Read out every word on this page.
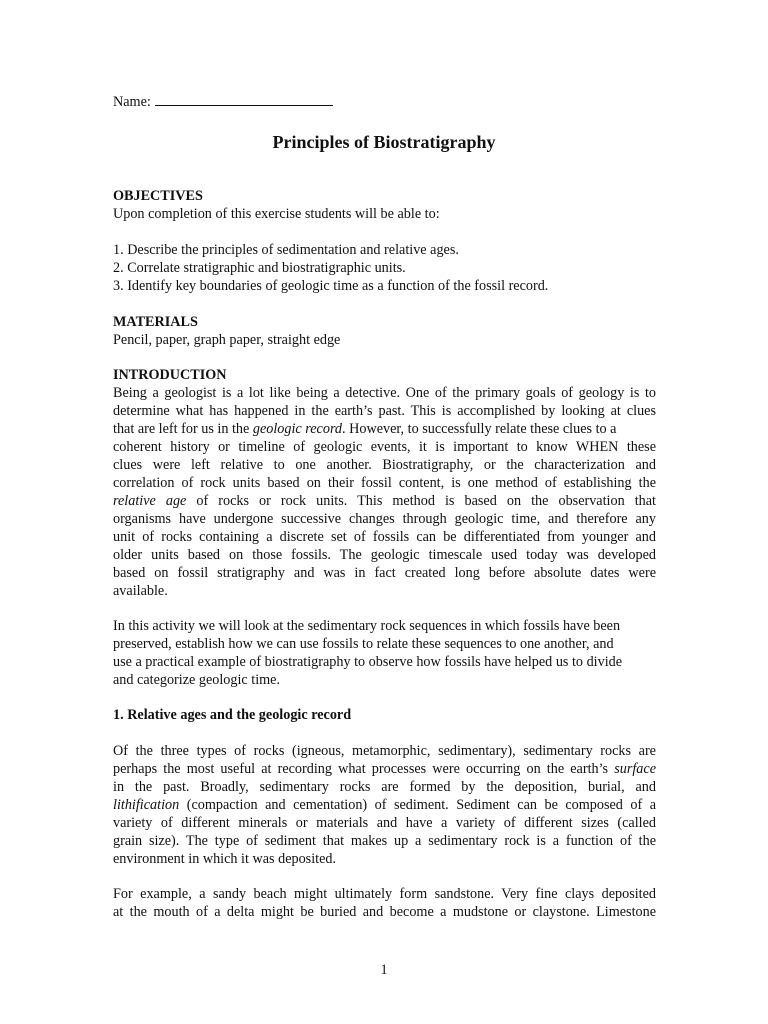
Name:
Principles of Biostratigraphy
OBJECTIVES
Upon completion of this exercise students will be able to:
1. Describe the principles of sedimentation and relative ages.
2. Correlate stratigraphic and biostratigraphic units.
3. Identify key boundaries of geologic time as a function of the fossil record.
MATERIALS
Pencil, paper, graph paper, straight edge
INTRODUCTION
Being a geologist is a lot like being a detective. One of the primary goals of geology is to
determine what has happened in the earth’s past. This is accomplished by looking at clues
that are left for us in the geologic record. However, to successfully relate these clues to a
coherent history or timeline of geologic events, it is important to know WHEN these
clues were left relative to one another. Biostratigraphy, or the characterization and
correlation of rock units based on their fossil content, is one method of establishing the
relative age of rocks or rock units. This method is based on the observation that
organisms have undergone successive changes through geologic time, and therefore any
unit of rocks containing a discrete set of fossils can be differentiated from younger and
older units based on those fossils. The geologic timescale used today was developed
based on fossil stratigraphy and was in fact created long before absolute dates were
available.
In this activity we will look at the sedimentary rock sequences in which fossils have been
preserved, establish how we can use fossils to relate these sequences to one another, and
use a practical example of biostratigraphy to observe how fossils have helped us to divide
and categorize geologic time.
1. Relative ages and the geologic record
Of the three types of rocks (igneous, metamorphic, sedimentary), sedimentary rocks are
perhaps the most useful at recording what processes were occurring on the earth’s surface
in the past. Broadly, sedimentary rocks are formed by the deposition, burial, and
lithification (compaction and cementation) of sediment. Sediment can be composed of a
variety of different minerals or materials and have a variety of different sizes (called
grain size). The type of sediment that makes up a sedimentary rock is a function of the
environment in which it was deposited.
For example, a sandy beach might ultimately form sandstone. Very fine clays deposited
at the mouth of a delta might be buried and become a mudstone or claystone. Limestone
1
